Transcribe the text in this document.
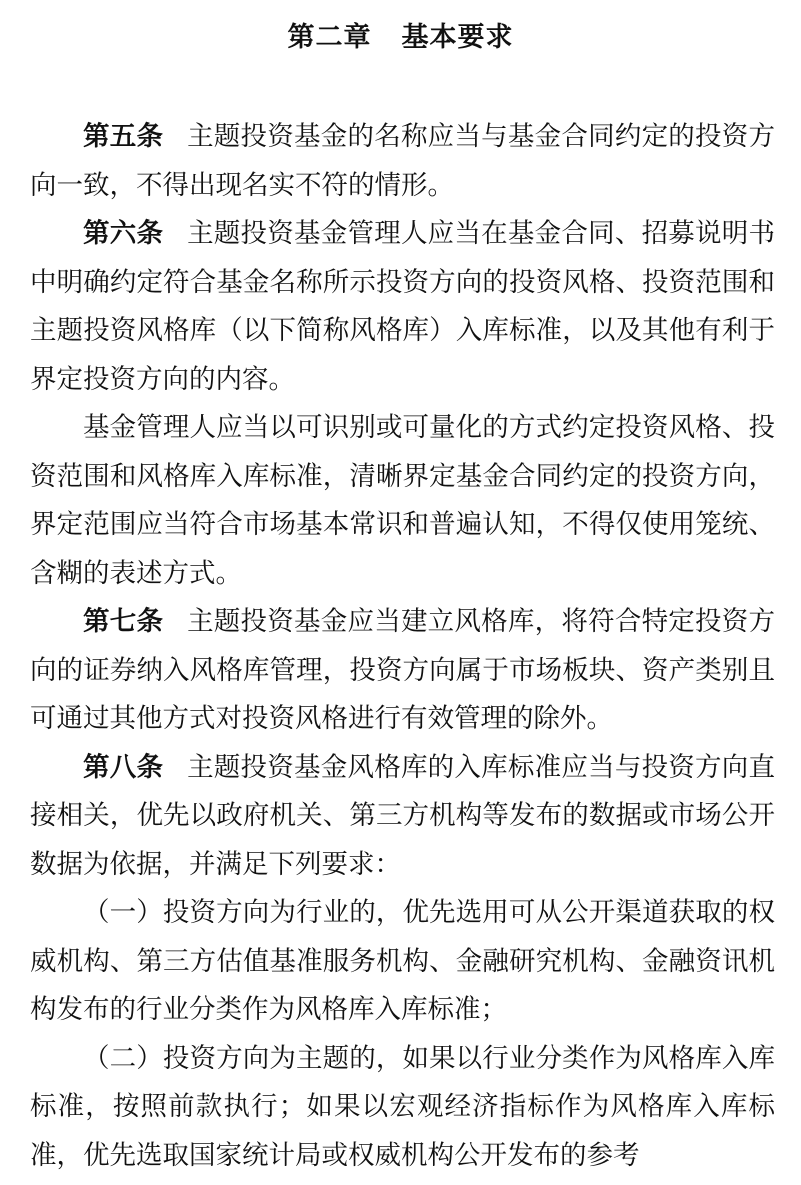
第二章 基本要求

第五条 主题投资基金的名称应当与基金合同约定的投资方向一致，不得出现名实不符的情形。

第六条 主题投资基金管理人应当在基金合同、招募说明书中明确约定符合基金名称所示投资方向的投资风格、投资范围和主题投资风格库（以下简称风格库）入库标准，以及其他有利于界定投资方向的内容。

基金管理人应当以可识别或可量化的方式约定投资风格、投资范围和风格库入库标准，清晰界定基金合同约定的投资方向，界定范围应当符合市场基本常识和普遍认知，不得仅使用笼统、含糊的表述方式。

第七条 主题投资基金应当建立风格库，将符合特定投资方向的证券纳入风格库管理，投资方向属于市场板块、资产类别且可通过其他方式对投资风格进行有效管理的除外。

第八条 主题投资基金风格库的入库标准应当与投资方向直接相关，优先以政府机关、第三方机构等发布的数据或市场公开数据为依据，并满足下列要求：

（一）投资方向为行业的，优先选用可从公开渠道获取的权威机构、第三方估值基准服务机构、金融研究机构、金融资讯机构发布的行业分类作为风格库入库标准；

（二）投资方向为主题的，如果以行业分类作为风格库入库标准，按照前款执行；如果以宏观经济指标作为风格库入库标准，优先选取国家统计局或权威机构公开发布的参考
